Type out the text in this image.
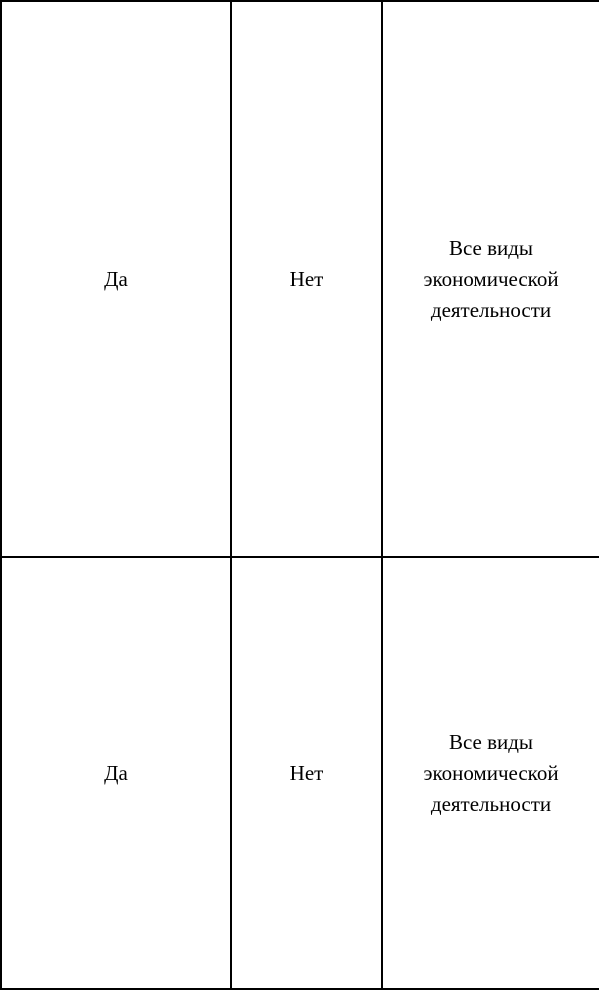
Да	Нет	Все виды
экономической
деятельности
Да	Нет	Все виды
экономической
деятельности
